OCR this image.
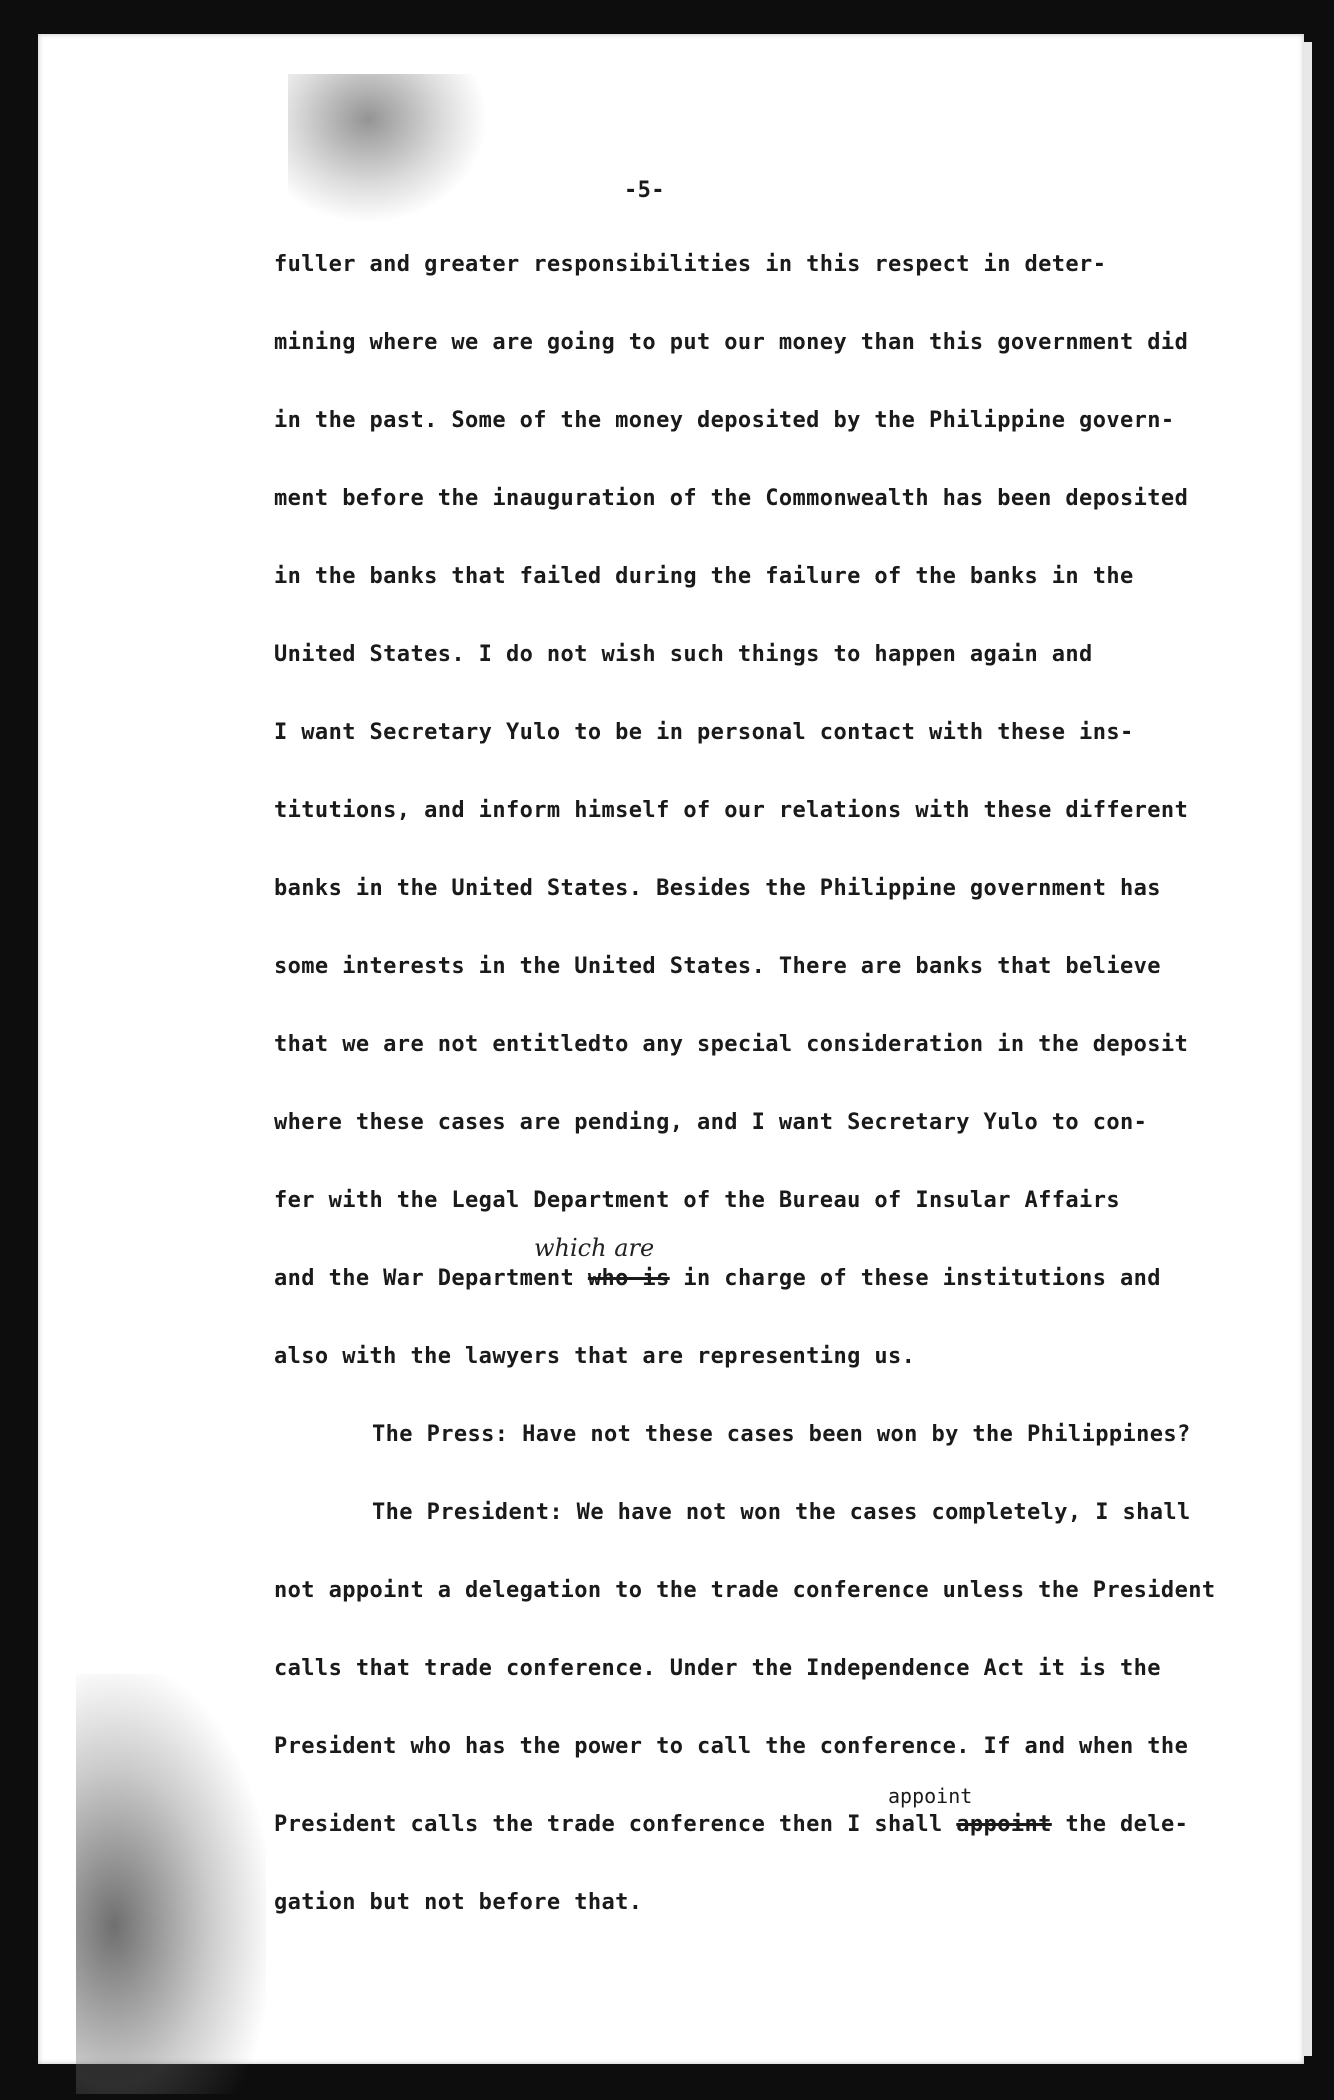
-5-
fuller and greater responsibilities in this respect in deter-
mining where we are going to put our money than this government did
in the past. Some of the money deposited by the Philippine govern-
ment before the inauguration of the Commonwealth has been deposited
in the banks that failed during the failure of the banks in the
United States. I do not wish such things to happen again and
I want Secretary Yulo to be in personal contact with these ins-
titutions, and inform himself of our relations with these different
banks in the United States. Besides the Philippine government has
some interests in the United States. There are banks that believe
that we are not entitledto any special consideration in the deposit
where these cases are pending, and I want Secretary Yulo to con-
fer with the Legal Department of the Bureau of Insular Affairs
which are
and the War Department who is in charge of these institutions and
also with the lawyers that are representing us.
The Press: Have not these cases been won by the Philippines?
The President: We have not won the cases completely, I shall
not appoint a delegation to the trade conference unless the President
calls that trade conference. Under the Independence Act it is the
President who has the power to call the conference. If and when the
appoint
President calls the trade conference then I shall appoint the dele-
gation but not before that.
